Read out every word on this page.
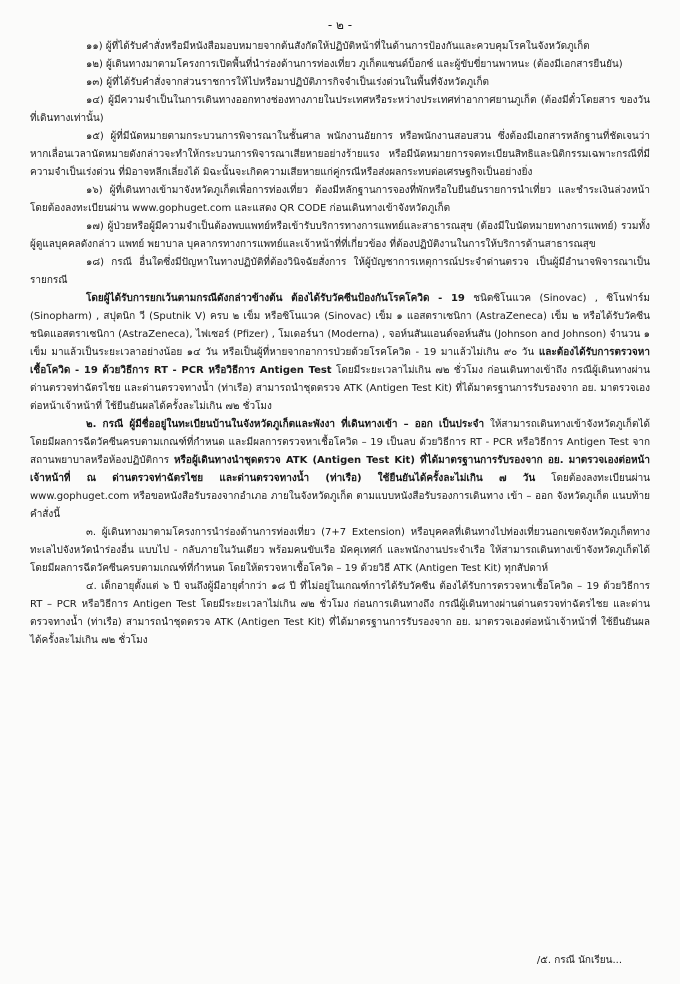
- ๒ -

๑๑) ผู้ที่ได้รับคำสั่งหรือมีหนังสือมอบหมายจากต้นสังกัดให้ปฏิบัติหน้าที่ในด้านการป้องกันและควบคุมโรคในจังหวัดภูเก็ต

๑๒) ผู้เดินทางมาตามโครงการเปิดพื้นที่นำร่องด้านการท่องเที่ยว ภูเก็ตแซนด์บ็อกซ์ และผู้ขับขี่ยานพาหนะ (ต้องมีเอกสารยืนยัน)

๑๓) ผู้ที่ได้รับคำสั่งจากส่วนราชการให้ไปหรือมาปฏิบัติภารกิจจำเป็นเร่งด่วนในพื้นที่จังหวัดภูเก็ต

๑๔) ผู้มีความจำเป็นในการเดินทางออกทางช่องทางภายในประเทศหรือระหว่างประเทศท่าอากาศยานภูเก็ต (ต้องมีตั๋วโดยสาร ของวันที่เดินทางเท่านั้น)

๑๕) ผู้ที่มีนัดหมายตามกระบวนการพิจารณาในชั้นศาล พนักงานอัยการ หรือพนักงานสอบสวน ซึ่งต้องมีเอกสารหลักฐานที่ชัดเจนว่าหากเลื่อนเวลานัดหมายดังกล่าวจะทำให้กระบวนการพิจารณาเสียหายอย่างร้ายแรง หรือมีนัดหมายการจดทะเบียนสิทธิและนิติกรรมเฉพาะกรณีที่มีความจำเป็นเร่งด่วน ที่มิอาจหลีกเลี่ยงได้ มิฉะนั้นจะเกิดความเสียหายแก่คู่กรณีหรือส่งผลกระทบต่อเศรษฐกิจเป็นอย่างยิ่ง

๑๖) ผู้ที่เดินทางเข้ามาจังหวัดภูเก็ตเพื่อการท่องเที่ยว ต้องมีหลักฐานการจองที่พักหรือใบยืนยันรายการนำเที่ยว และชำระเงินล่วงหน้า โดยต้องลงทะเบียนผ่าน www.gophuget.com และแสดง QR CODE ก่อนเดินทางเข้าจังหวัดภูเก็ต

๑๗) ผู้ป่วยหรือผู้มีความจำเป็นต้องพบแพทย์หรือเข้ารับบริการทางการแพทย์และสาธารณสุข (ต้องมีใบนัดหมายทางการแพทย์) รวมทั้งผู้ดูแลบุคคลดังกล่าว แพทย์ พยาบาล บุคลากรทางการแพทย์และเจ้าหน้าที่ที่เกี่ยวข้อง ที่ต้องปฏิบัติงานในการให้บริการด้านสาธารณสุข

๑๘) กรณี อื่นใดซึ่งมีปัญหาในทางปฏิบัติที่ต้องวินิจฉัยสั่งการ ให้ผู้บัญชาการเหตุการณ์ประจำด่านตรวจ เป็นผู้มีอำนาจพิจารณาเป็นรายกรณี

โดยผู้ได้รับการยกเว้นตามกรณีดังกล่าวข้างต้น ต้องได้รับวัคซีนป้องกันโรคโควิด - 19 ชนิดซิโนแวค (Sinovac) , ซิโนฟาร์ม (Sinopharm) , สปุตนิก วี (Sputnik V) ครบ ๒ เข็ม หรือซิโนแวค (Sinovac) เข็ม ๑ แอสตราเซนิกา (AstraZeneca) เข็ม ๒ หรือได้รับวัคซีนชนิดแอสตราเซนิกา (AstraZeneca), ไฟเซอร์ (Pfizer) , โมเดอร์นา (Moderna) , จอห์นสันแอนด์จอห์นสัน (Johnson and Johnson) จำนวน ๑ เข็ม มาแล้วเป็นระยะเวลาอย่างน้อย ๑๔ วัน หรือเป็นผู้ที่หายจากอาการป่วยด้วยโรคโควิด - 19 มาแล้วไม่เกิน ๙๐ วัน และต้องได้รับการตรวจหาเชื้อโควิด - 19 ด้วยวิธีการ RT - PCR หรือวิธีการ Antigen Test โดยมีระยะเวลาไม่เกิน ๗๒ ชั่วโมง ก่อนเดินทางเข้าถึง กรณีผู้เดินทางผ่านด่านตรวจท่าฉัตรไชย และด่านตรวจทางน้ำ (ท่าเรือ) สามารถนำชุดตรวจ ATK (Antigen Test Kit) ที่ได้มาตรฐานการรับรองจาก อย. มาตรวจเองต่อหน้าเจ้าหน้าที่ ใช้ยืนยันผลได้ครั้งละไม่เกิน ๗๒ ชั่วโมง

๒. กรณี ผู้มีชื่ออยู่ในทะเบียนบ้านในจังหวัดภูเก็ตและพังงา ที่เดินทางเข้า – ออก เป็นประจำ ให้สามารถเดินทางเข้าจังหวัดภูเก็ตได้ โดยมีผลการฉีดวัคซีนครบตามเกณฑ์ที่กำหนด และมีผลการตรวจหาเชื้อโควิด – 19 เป็นลบ ด้วยวิธีการ RT - PCR หรือวิธีการ Antigen Test จากสถานพยาบาลหรือห้องปฏิบัติการ หรือผู้เดินทางนำชุดตรวจ ATK (Antigen Test Kit) ที่ได้มาตรฐานการรับรองจาก อย. มาตรวจเองต่อหน้าเจ้าหน้าที่ ณ ด่านตรวจท่าฉัตรไชย และด่านตรวจทางน้ำ (ท่าเรือ) ใช้ยืนยันได้ครั้งละไม่เกิน ๗ วัน โดยต้องลงทะเบียนผ่าน www.gophuget.com หรือขอหนังสือรับรองจากอำเภอ ภายในจังหวัดภูเก็ต ตามแบบหนังสือรับรองการเดินทาง เข้า – ออก จังหวัดภูเก็ต แนบท้ายคำสั่งนี้

๓. ผู้เดินทางมาตามโครงการนำร่องด้านการท่องเที่ยว (7+7 Extension) หรือบุคคลที่เดินทางไปท่องเที่ยวนอกเขตจังหวัดภูเก็ตทางทะเลไปจังหวัดนำร่องอื่น แบบไป - กลับภายในวันเดียว พร้อมคนขับเรือ มัคคุเทศก์ และพนักงานประจำเรือ ให้สามารถเดินทางเข้าจังหวัดภูเก็ตได้โดยมีผลการฉีดวัคซีนครบตามเกณฑ์ที่กำหนด โดยให้ตรวจหาเชื้อโควิด – 19 ด้วยวิธี ATK (Antigen Test Kit) ทุกสัปดาห์

๔. เด็กอายุตั้งแต่ ๖ ปี จนถึงผู้มีอายุต่ำกว่า ๑๘ ปี ที่ไม่อยู่ในเกณฑ์การได้รับวัคซีน ต้องได้รับการตรวจหาเชื้อโควิด – 19 ด้วยวิธีการ RT – PCR หรือวิธีการ Antigen Test โดยมีระยะเวลาไม่เกิน ๗๒ ชั่วโมง ก่อนการเดินทางถึง กรณีผู้เดินทางผ่านด่านตรวจท่าฉัตรไชย และด่านตรวจทางน้ำ (ท่าเรือ) สามารถนำชุดตรวจ ATK (Antigen Test Kit) ที่ได้มาตรฐานการรับรองจาก อย. มาตรวจเองต่อหน้าเจ้าหน้าที่ ใช้ยืนยันผลได้ครั้งละไม่เกิน ๗๒ ชั่วโมง

/๕. กรณี นักเรียน...
